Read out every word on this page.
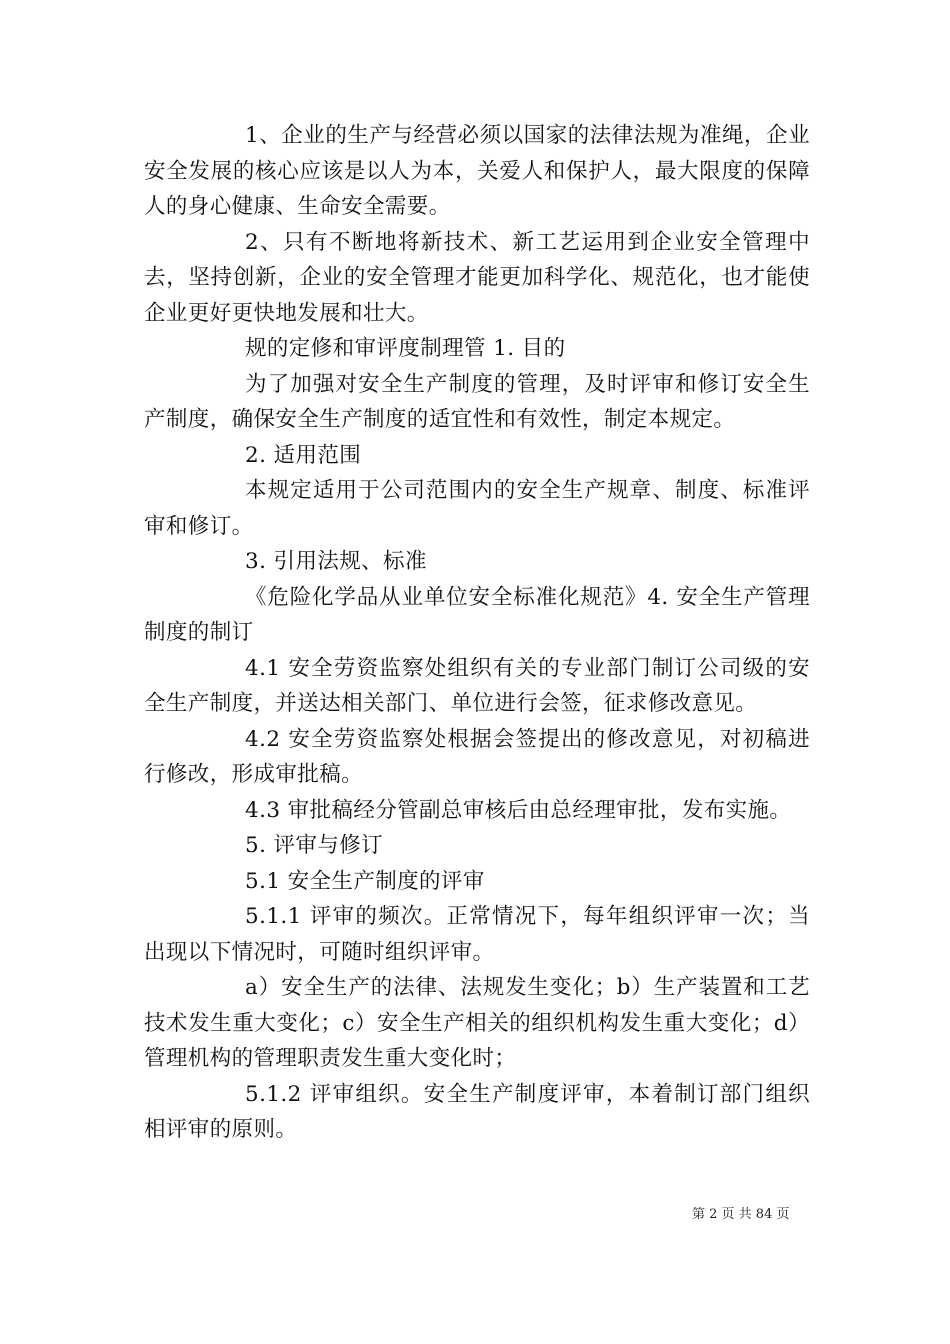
1、企业的生产与经营必须以国家的法律法规为准绳，企业安全发展的核心应该是以人为本，关爱人和保护人，最大限度的保障人的身心健康、生命安全需要。

2、只有不断地将新技术、新工艺运用到企业安全管理中去，坚持创新，企业的安全管理才能更加科学化、规范化，也才能使企业更好更快地发展和壮大。

规的定修和审评度制理管 1. 目的

为了加强对安全生产制度的管理，及时评审和修订安全生产制度，确保安全生产制度的适宜性和有效性，制定本规定。

2. 适用范围

本规定适用于公司范围内的安全生产规章、制度、标准评审和修订。

3. 引用法规、标准

《危险化学品从业单位安全标准化规范》4. 安全生产管理制度的制订

4.1 安全劳资监察处组织有关的专业部门制订公司级的安全生产制度，并送达相关部门、单位进行会签，征求修改意见。

4.2 安全劳资监察处根据会签提出的修改意见，对初稿进行修改，形成审批稿。

4.3 审批稿经分管副总审核后由总经理审批，发布实施。

5. 评审与修订

5.1 安全生产制度的评审

5.1.1 评审的频次。正常情况下，每年组织评审一次；当出现以下情况时，可随时组织评审。

a）安全生产的法律、法规发生变化；b）生产装置和工艺技术发生重大变化；c）安全生产相关的组织机构发生重大变化；d）管理机构的管理职责发生重大变化时；

5.1.2 评审组织。安全生产制度评审，本着制订部门组织相评审的原则。

第 2 页 共 84 页
